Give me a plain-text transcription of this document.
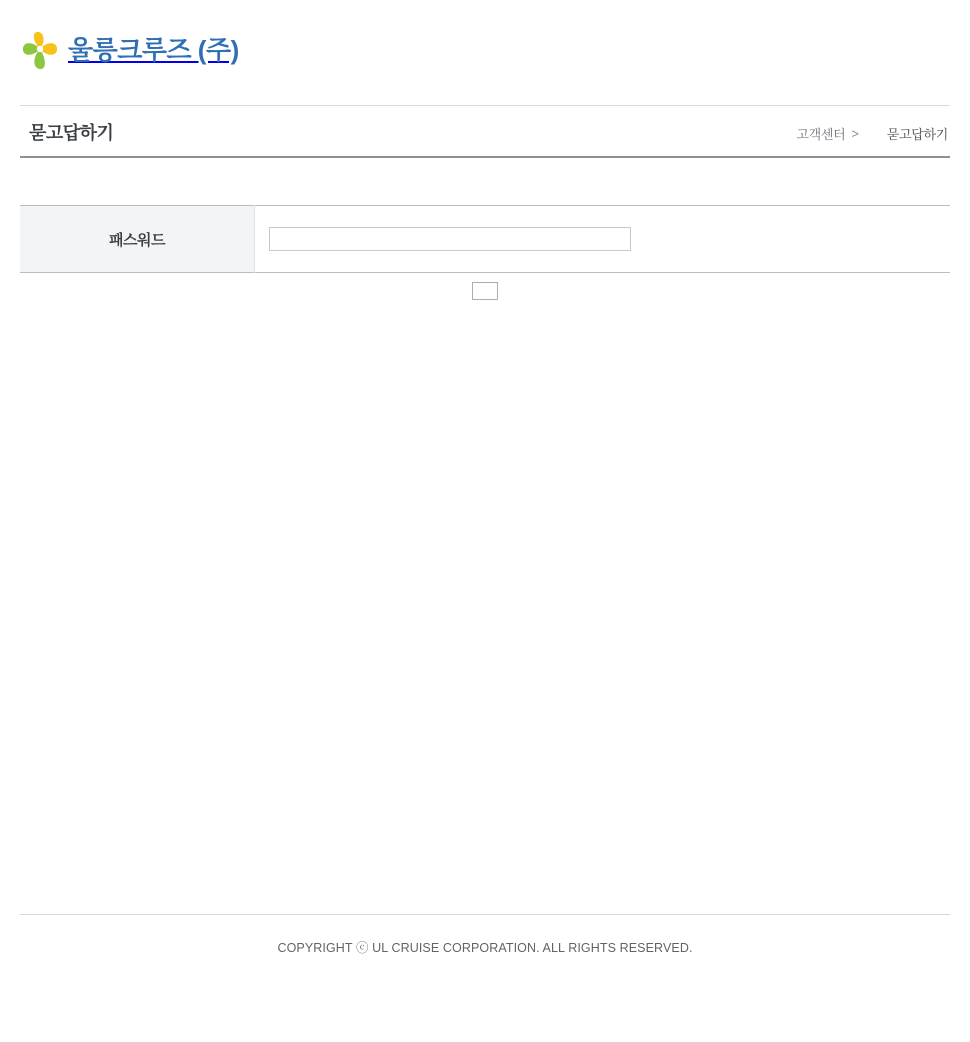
울릉크루즈 (주)
묻고답하기	고객센터 > 묻고답하기
패스워드	

COPYRIGHT ⓒ UL CRUISE CORPORATION. ALL RIGHTS RESERVED.
